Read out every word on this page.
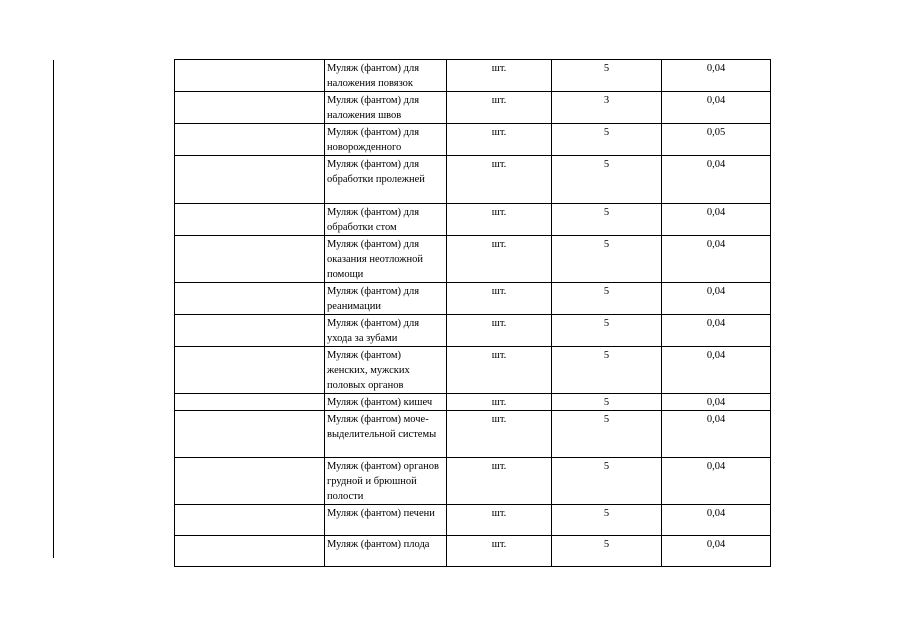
	Муляж (фантом) для наложения повязок	шт.	5	0,04
	Муляж (фантом) для наложения швов	шт.	3	0,04
	Муляж (фантом) для новорожденного	шт.	5	0,05
	Муляж (фантом) для обработки пролежней	шт.	5	0,04
	Муляж (фантом) для обработки стом	шт.	5	0,04
	Муляж (фантом) для оказания неотложной помощи	шт.	5	0,04
	Муляж (фантом) для реанимации	шт.	5	0,04
	Муляж (фантом) для ухода за зубами	шт.	5	0,04
	Муляж (фантом) женских, мужских половых органов	шт.	5	0,04
	Муляж (фантом) кишеч	шт.	5	0,04
	Муляж (фантом) моче-выделительной системы	шт.	5	0,04
	Муляж (фантом) органов грудной и брюшной полости	шт.	5	0,04
	Муляж (фантом) печени	шт.	5	0,04
	Муляж (фантом) плода	шт.	5	0,04
